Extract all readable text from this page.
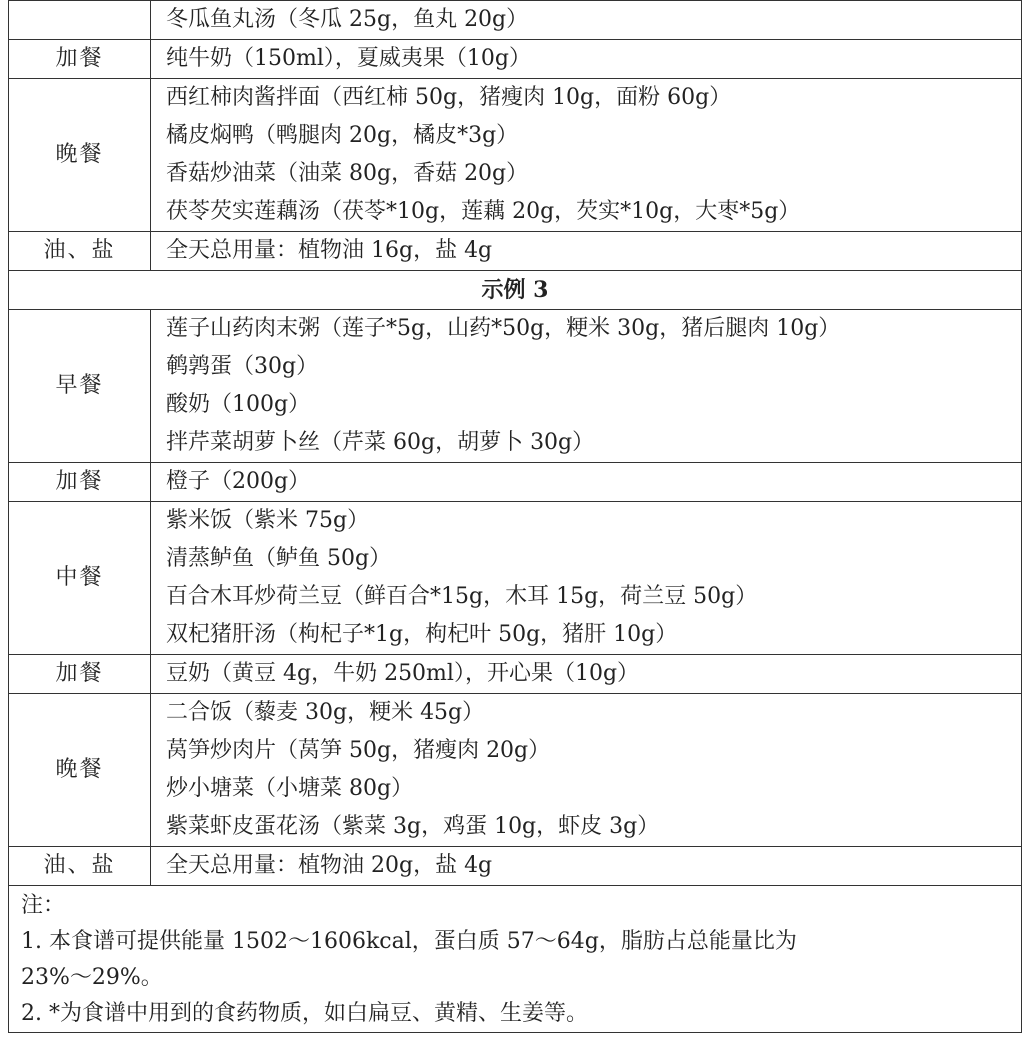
	冬瓜鱼丸汤（冬瓜 25g，鱼丸 20g）

加餐	纯牛奶（150ml），夏威夷果（10g）

晚餐	西红柿肉酱拌面（西红柿 50g，猪瘦肉 10g，面粉 60g）
橘皮焖鸭（鸭腿肉 20g，橘皮*3g）
香菇炒油菜（油菜 80g，香菇 20g）
茯苓芡实莲藕汤（茯苓*10g，莲藕 20g，芡实*10g，大枣*5g）

油、盐	全天总用量：植物油 16g，盐 4g

示例 3	
早餐	莲子山药肉末粥（莲子*5g，山药*50g，粳米 30g，猪后腿肉 10g）
鹌鹑蛋（30g）
酸奶（100g）
拌芹菜胡萝卜丝（芹菜 60g，胡萝卜 30g）

加餐	橙子（200g）

中餐	紫米饭（紫米 75g）
清蒸鲈鱼（鲈鱼 50g）
百合木耳炒荷兰豆（鲜百合*15g，木耳 15g，荷兰豆 50g）
双杞猪肝汤（枸杞子*1g，枸杞叶 50g，猪肝 10g）

加餐	豆奶（黄豆 4g，牛奶 250ml），开心果（10g）

晚餐	二合饭（藜麦 30g，粳米 45g）
莴笋炒肉片（莴笋 50g，猪瘦肉 20g）
炒小塘菜（小塘菜 80g）
紫菜虾皮蛋花汤（紫菜 3g，鸡蛋 10g，虾皮 3g）

油、盐	全天总用量：植物油 20g，盐 4g

注：
1. 本食谱可提供能量 1502～1606kcal，蛋白质 57～64g，脂肪占总能量比为
23%～29%。
2. *为食谱中用到的食药物质，如白扁豆、黄精、生姜等。	
